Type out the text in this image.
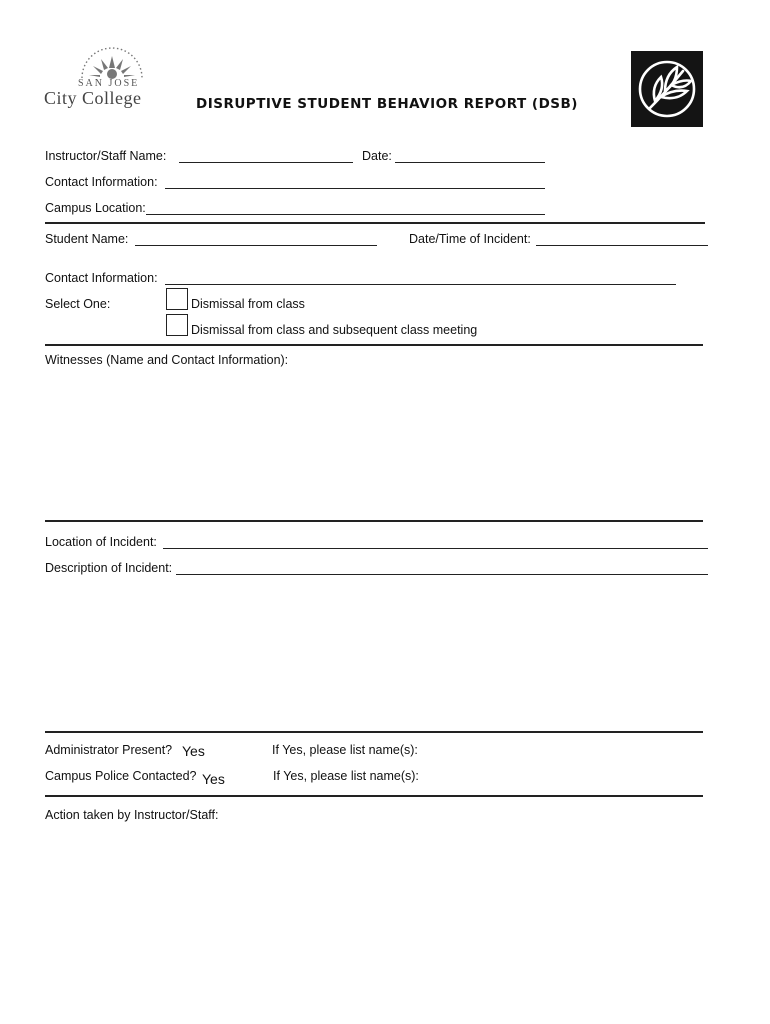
SAN JOSE
City College	DISRUPTIVE STUDENT BEHAVIOR REPORT (DSB)
Instructor/Staff Name:	Date:
Contact Information:
Campus Location:
Student Name:	Date/Time of Incident:
Contact Information:
Select One:	Dismissal from class
Dismissal from class and subsequent class meeting
Witnesses (Name and Contact Information):
Location of Incident:
Description of Incident:
Administrator Present? Yes	If Yes, please list name(s):
Campus Police Contacted? Yes	If Yes, please list name(s):
Action taken by Instructor/Staff:
